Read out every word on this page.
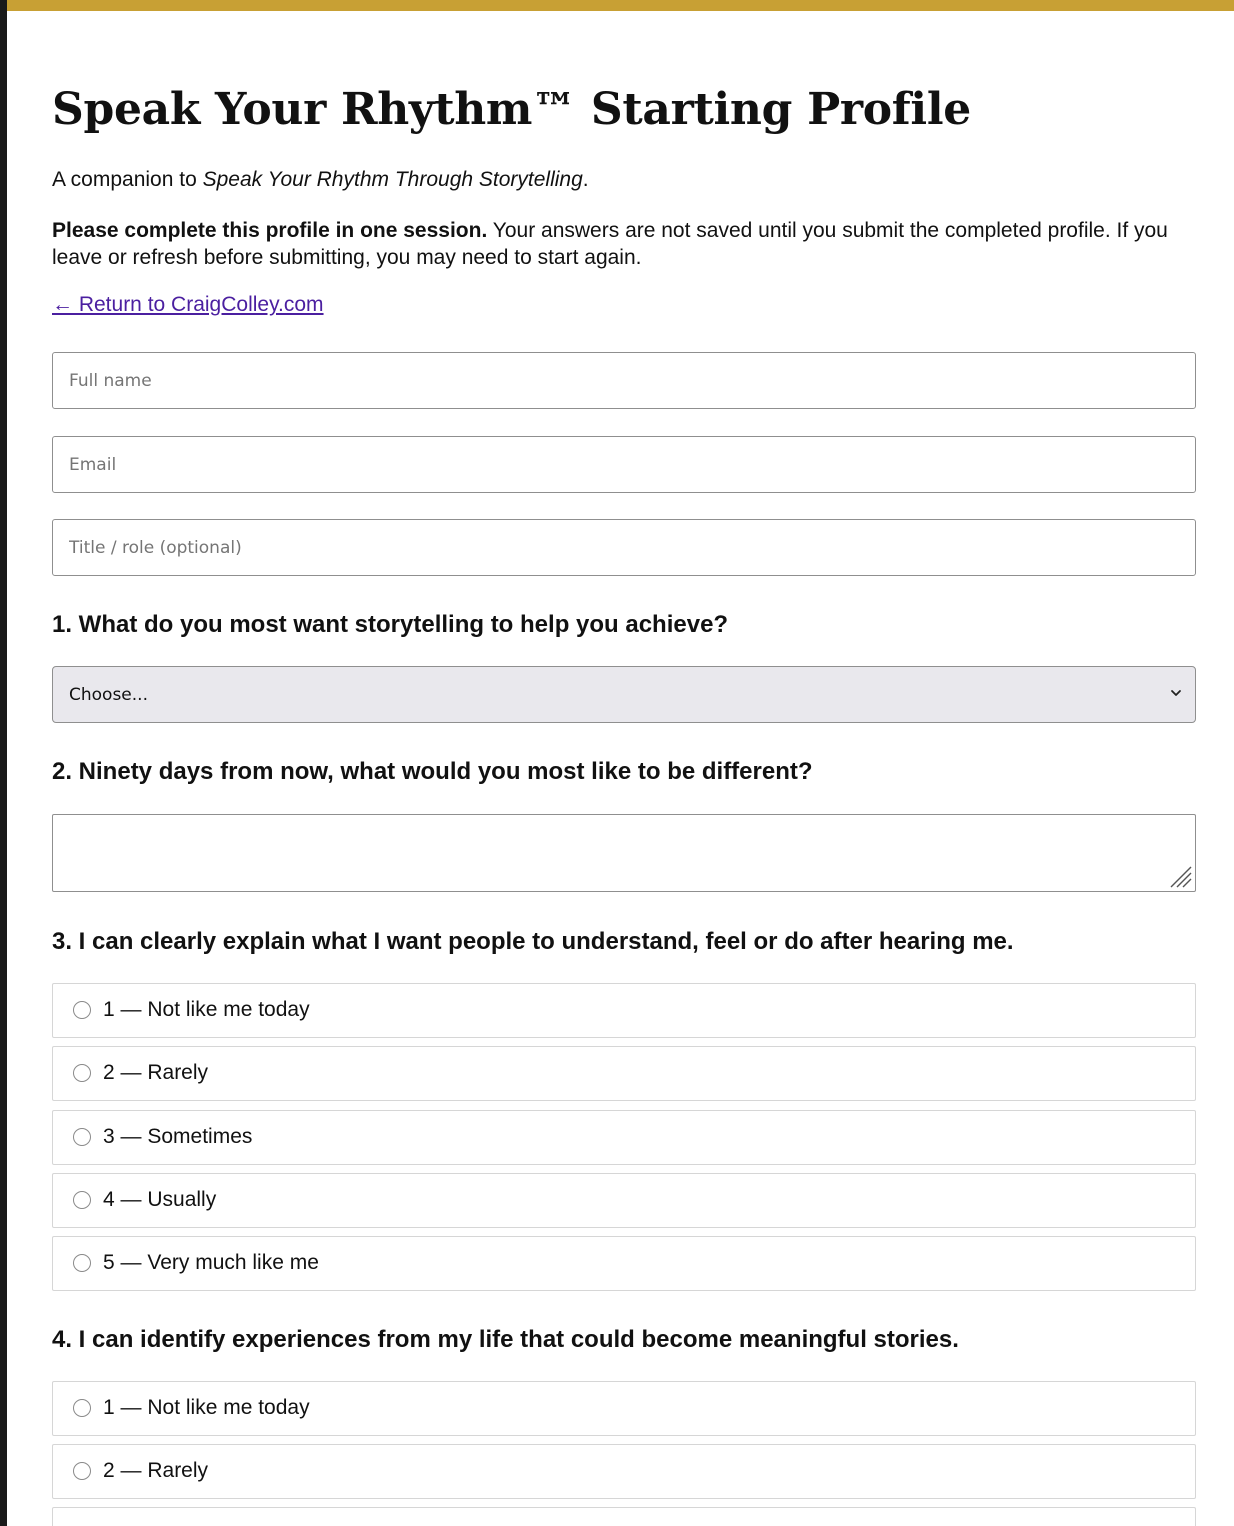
Speak Your Rhythm™ Starting Profile

A companion to Speak Your Rhythm Through Storytelling.

Please complete this profile in one session. Your answers are not saved until you submit the completed profile. If you leave or refresh before submitting, you may need to start again.

← Return to CraigColley.com
Full name
Email
Title / role (optional)
1. What do you most want storytelling to help you achieve?
Choose...
2. Ninety days from now, what would you most like to be different?
3. I can clearly explain what I want people to understand, feel or do after hearing me.
1 — Not like me today
2 — Rarely
3 — Sometimes
4 — Usually
5 — Very much like me
4. I can identify experiences from my life that could become meaningful stories.
1 — Not like me today
2 — Rarely
